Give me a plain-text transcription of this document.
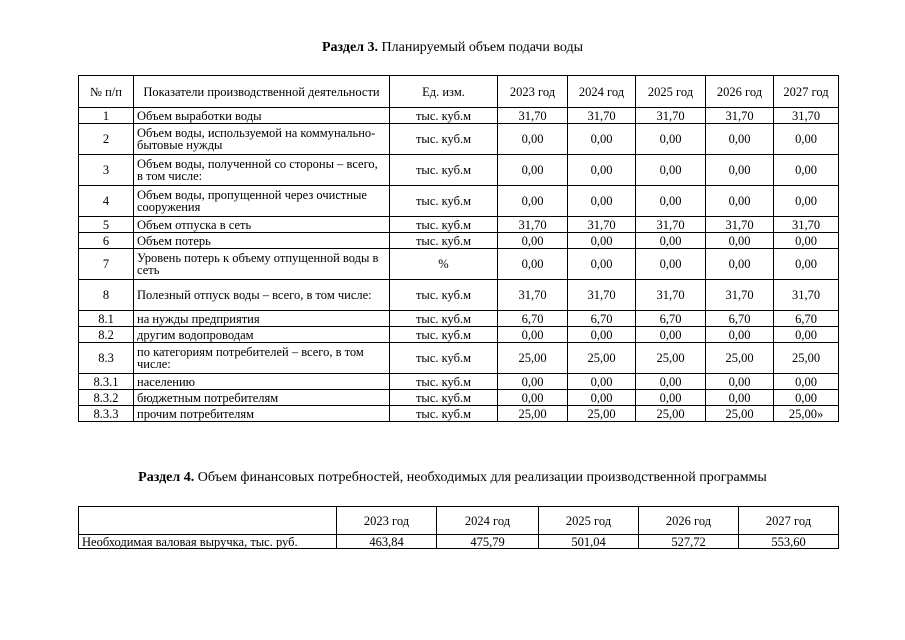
Раздел 3. Планируемый объем подачи воды
№ п/п	Показатели производственной деятельности	Ед. изм.	2023 год	2024 год	2025 год	2026 год	2027 год
1	Объем выработки воды	тыс. куб.м	31,70	31,70	31,70	31,70	31,70
2	Объем воды, используемой на коммунально-бытовые нужды	тыс. куб.м	0,00	0,00	0,00	0,00	0,00
3	Объем воды, полученной со стороны – всего, в том числе:	тыс. куб.м	0,00	0,00	0,00	0,00	0,00
4	Объем воды, пропущенной через очистные сооружения	тыс. куб.м	0,00	0,00	0,00	0,00	0,00
5	Объем отпуска в сеть	тыс. куб.м	31,70	31,70	31,70	31,70	31,70
6	Объем потерь	тыс. куб.м	0,00	0,00	0,00	0,00	0,00
7	Уровень потерь к объему отпущенной воды в сеть	%	0,00	0,00	0,00	0,00	0,00
8	Полезный отпуск воды – всего, в том числе:	тыс. куб.м	31,70	31,70	31,70	31,70	31,70
8.1	на нужды предприятия	тыс. куб.м	6,70	6,70	6,70	6,70	6,70
8.2	другим водопроводам	тыс. куб.м	0,00	0,00	0,00	0,00	0,00
8.3	по категориям потребителей – всего, в том числе:	тыс. куб.м	25,00	25,00	25,00	25,00	25,00
8.3.1	населению	тыс. куб.м	0,00	0,00	0,00	0,00	0,00
8.3.2	бюджетным потребителям	тыс. куб.м	0,00	0,00	0,00	0,00	0,00
8.3.3	прочим потребителям	тыс. куб.м	25,00	25,00	25,00	25,00	25,00»
Раздел 4. Объем финансовых потребностей, необходимых для реализации производственной программы
	2023 год	2024 год	2025 год	2026 год	2027 год
Необходимая валовая выручка, тыс. руб.	463,84	475,79	501,04	527,72	553,60
